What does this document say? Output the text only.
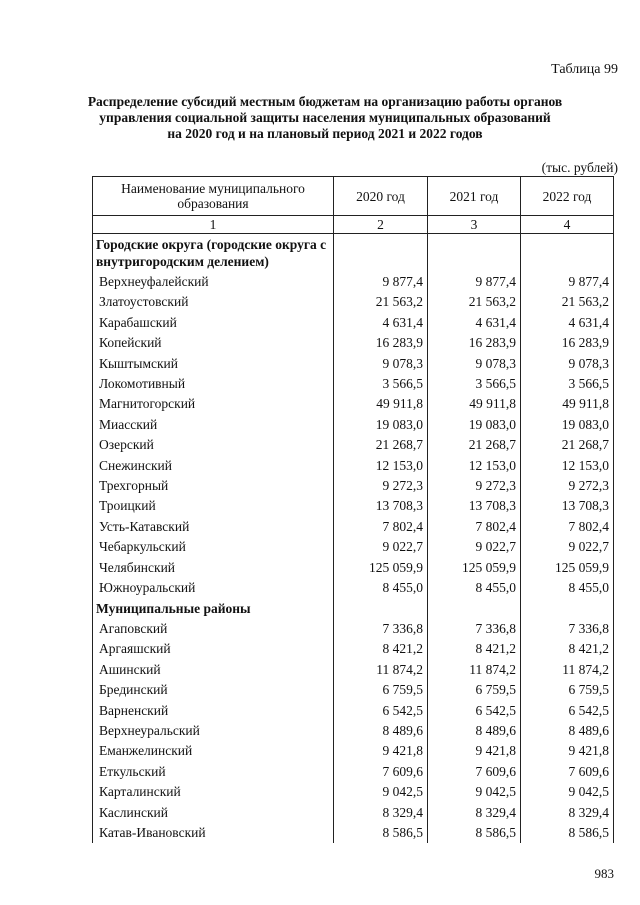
Таблица 99
Распределение субсидий местным бюджетам на организацию работы органов
управления социальной защиты населения муниципальных образований
на 2020 год и на плановый период 2021 и 2022 годов
(тыс. рублей)
Наименование муниципального образования	2020 год	2021 год	2022 год
1	2	3	4
Городские округа (городские округа с внутригородским делением)			
Верхнеуфалейский	9 877,4	9 877,4	9 877,4
Златоустовский	21 563,2	21 563,2	21 563,2
Карабашский	4 631,4	4 631,4	4 631,4
Копейский	16 283,9	16 283,9	16 283,9
Кыштымский	9 078,3	9 078,3	9 078,3
Локомотивный	3 566,5	3 566,5	3 566,5
Магнитогорский	49 911,8	49 911,8	49 911,8
Миасский	19 083,0	19 083,0	19 083,0
Озерский	21 268,7	21 268,7	21 268,7
Снежинский	12 153,0	12 153,0	12 153,0
Трехгорный	9 272,3	9 272,3	9 272,3
Троицкий	13 708,3	13 708,3	13 708,3
Усть-Катавский	7 802,4	7 802,4	7 802,4
Чебаркульский	9 022,7	9 022,7	9 022,7
Челябинский	125 059,9	125 059,9	125 059,9
Южноуральский	8 455,0	8 455,0	8 455,0
Муниципальные районы			
Агаповский	7 336,8	7 336,8	7 336,8
Аргаяшский	8 421,2	8 421,2	8 421,2
Ашинский	11 874,2	11 874,2	11 874,2
Брединский	6 759,5	6 759,5	6 759,5
Варненский	6 542,5	6 542,5	6 542,5
Верхнеуральский	8 489,6	8 489,6	8 489,6
Еманжелинский	9 421,8	9 421,8	9 421,8
Еткульский	7 609,6	7 609,6	7 609,6
Карталинский	9 042,5	9 042,5	9 042,5
Каслинский	8 329,4	8 329,4	8 329,4
Катав-Ивановский	8 586,5	8 586,5	8 586,5
983
